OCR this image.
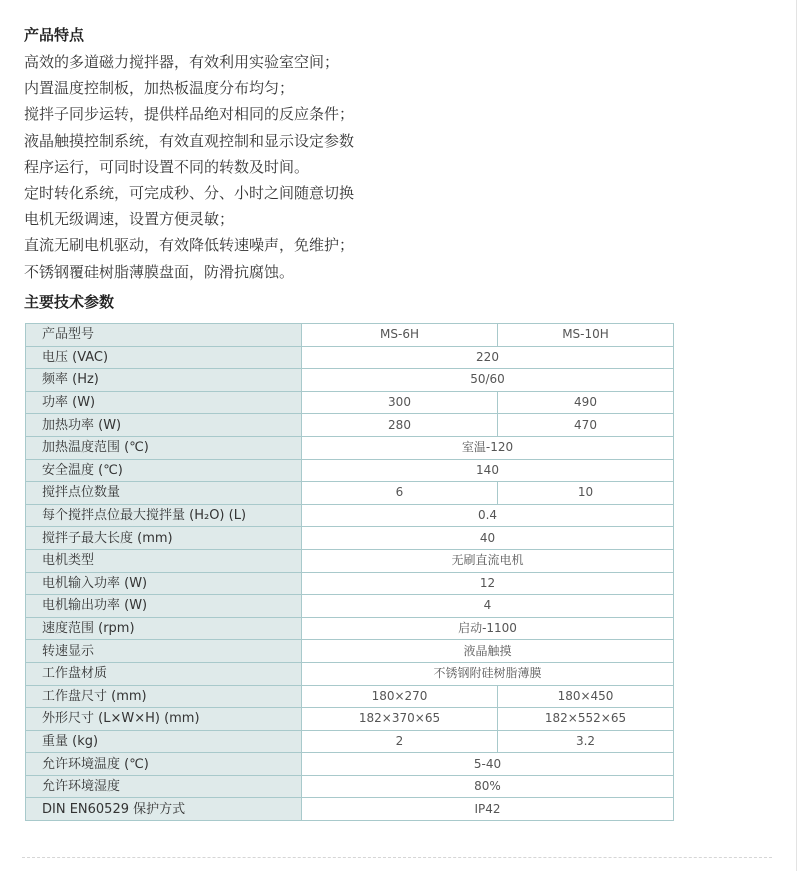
产品特点
高效的多道磁力搅拌器，有效利用实验室空间；
内置温度控制板，加热板温度分布均匀；
搅拌子同步运转，提供样品绝对相同的反应条件；
液晶触摸控制系统，有效直观控制和显示设定参数
程序运行，可同时设置不同的转数及时间。
定时转化系统，可完成秒、分、小时之间随意切换
电机无级调速，设置方便灵敏；
直流无刷电机驱动，有效降低转速噪声，免维护；
不锈钢覆硅树脂薄膜盘面，防滑抗腐蚀。
主要技术参数
产品型号	MS-6H	MS-10H
电压 (VAC)	220	
频率 (Hz)	50/60	
功率 (W)	300	490
加热功率 (W)	280	470
加热温度范围 (℃)	室温-120	
安全温度 (℃)	140	
搅拌点位数量	6	10
每个搅拌点位最大搅拌量 (H₂O) (L)	0.4	
搅拌子最大长度 (mm)	40	
电机类型	无刷直流电机	
电机输入功率 (W)	12	
电机输出功率 (W)	4	
速度范围 (rpm)	启动-1100	
转速显示	液晶触摸	
工作盘材质	不锈钢附硅树脂薄膜	
工作盘尺寸 (mm)	180×270	180×450
外形尺寸 (L×W×H) (mm)	182×370×65	182×552×65
重量 (kg)	2	3.2
允许环境温度 (℃)	5-40	
允许环境湿度	80%	
DIN EN60529 保护方式	IP42	
